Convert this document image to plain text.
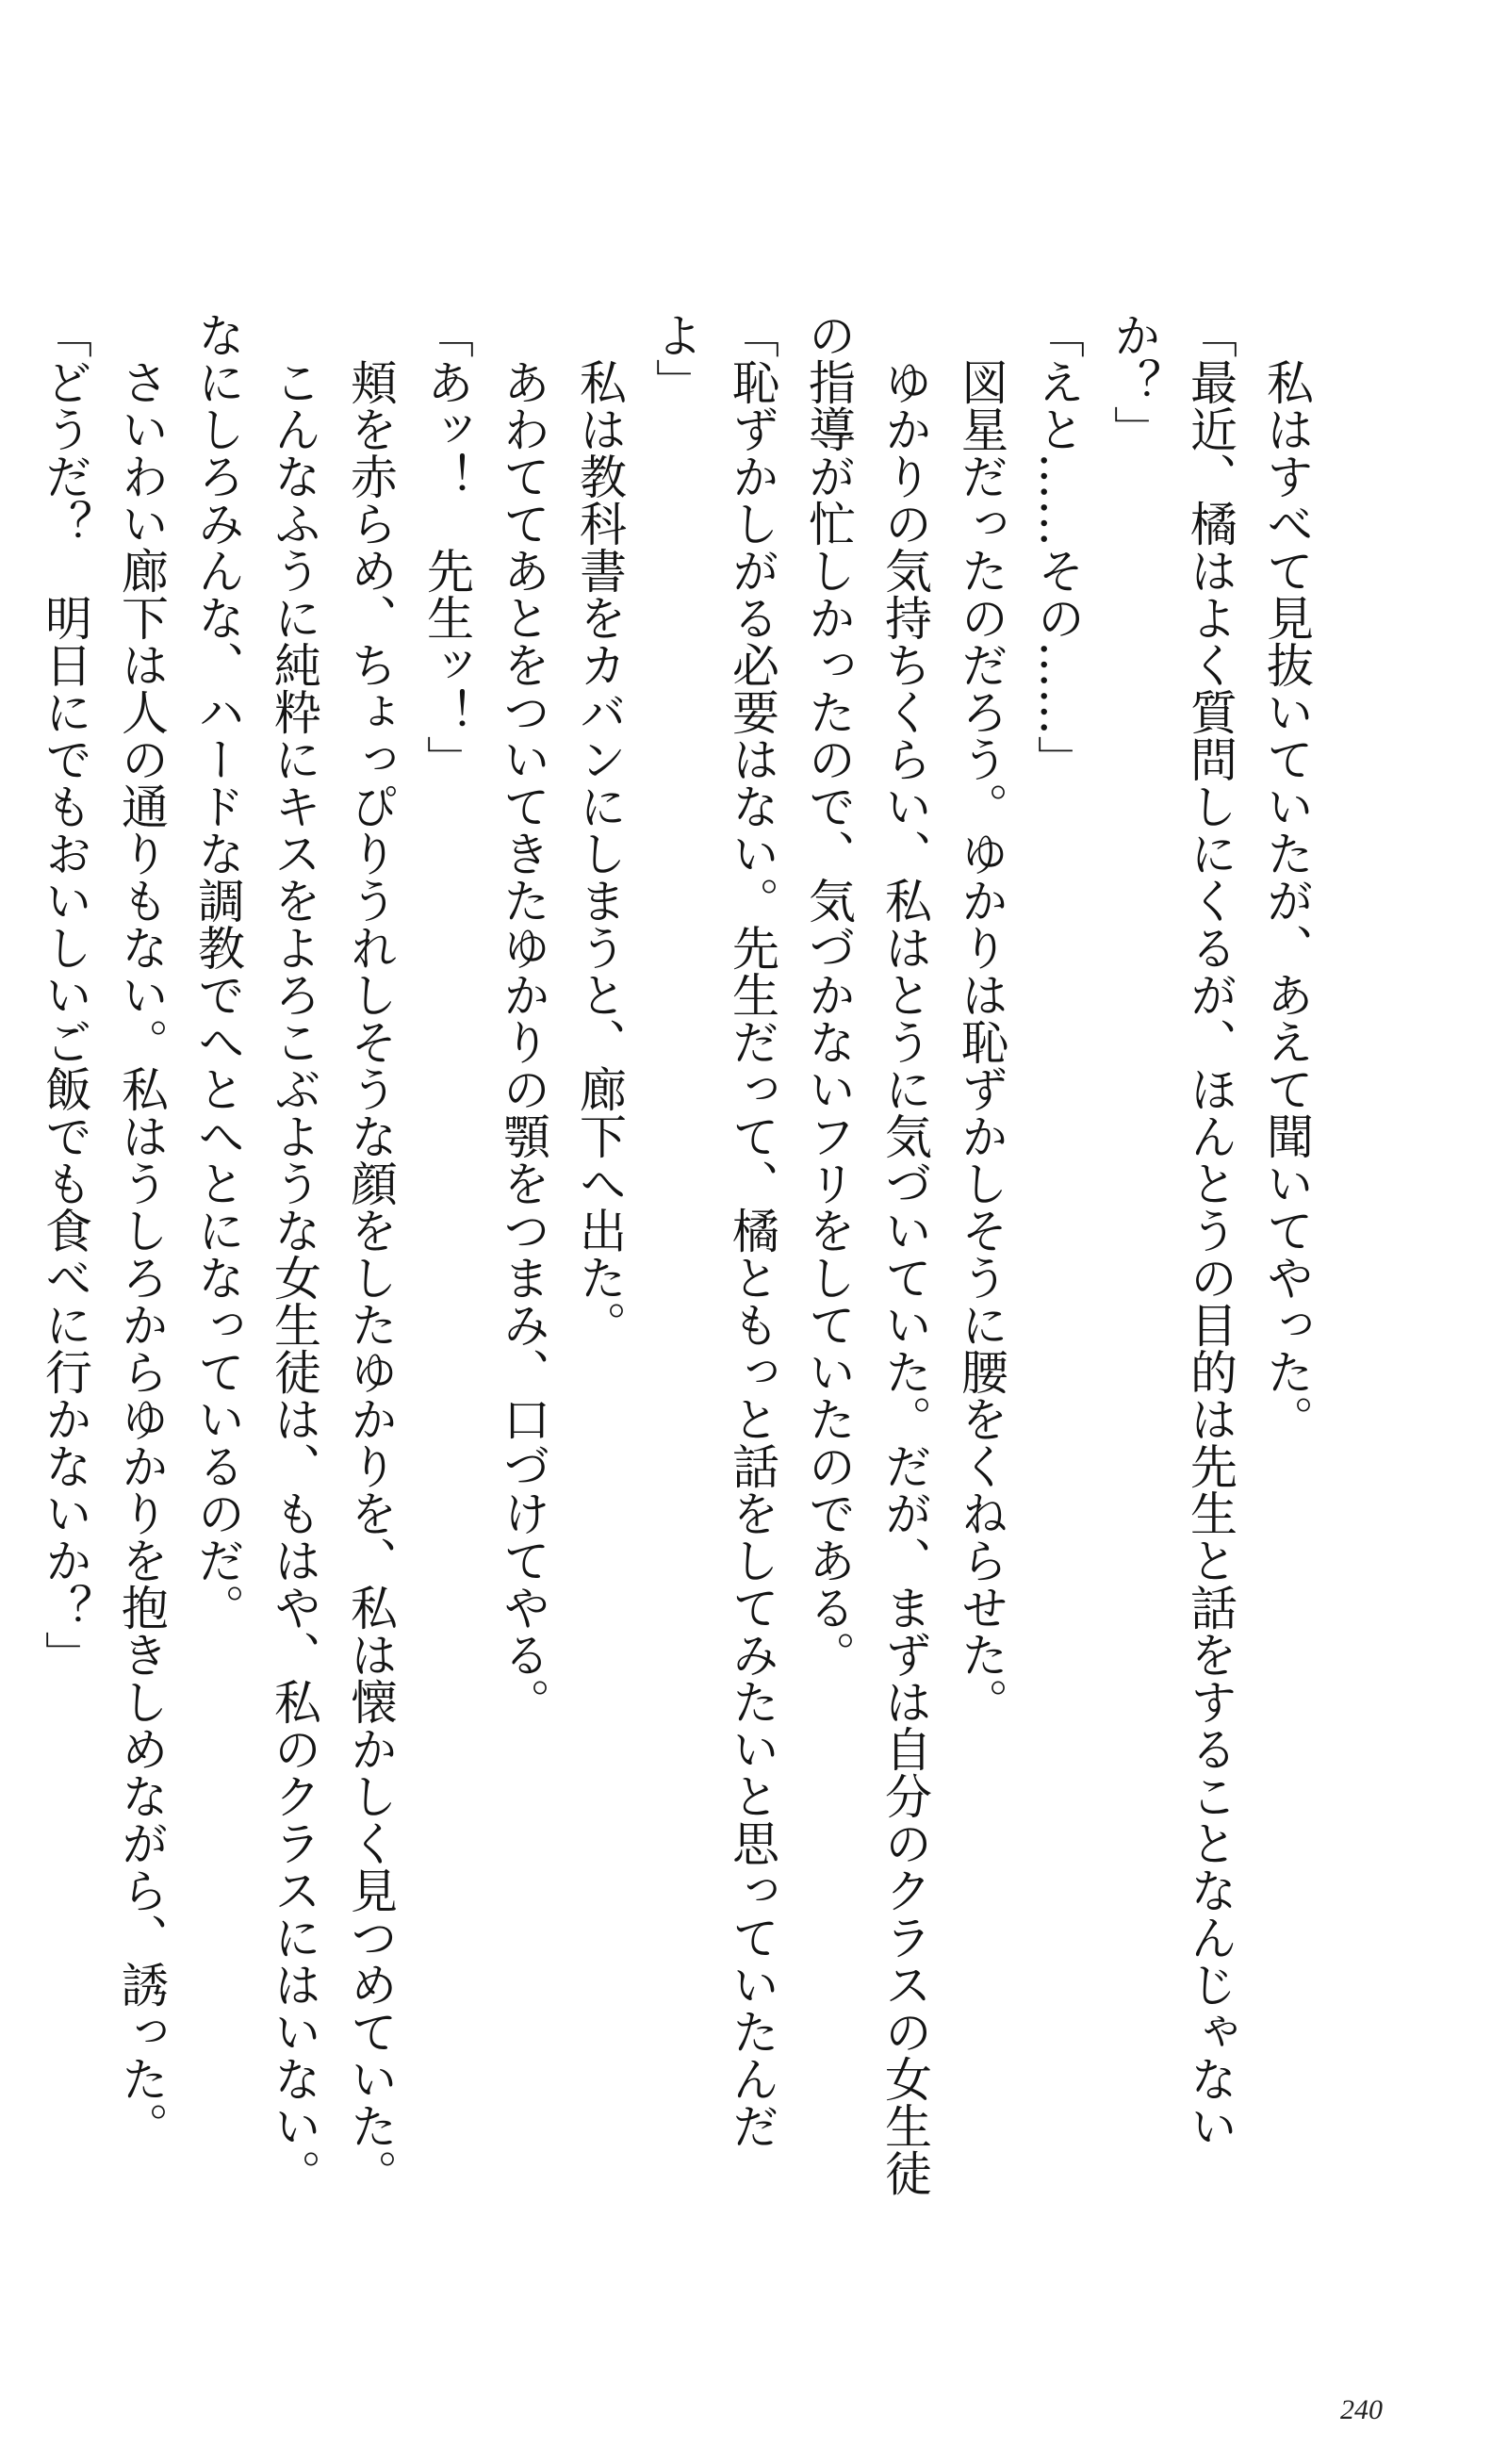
私はすべて見抜いていたが、あえて聞いてやった。

「最近、橘はよく質問しにくるが、ほんとうの目的は先生と話をすることなんじゃないか？」

「えと……その……」

図星だったのだろう。ゆかりは恥ずかしそうに腰をくねらせた。

ゆかりの気持ちくらい、私はとうに気づいていた。だが、まずは自分のクラスの女生徒の指導が忙しかったので、気づかないフリをしていたのである。

「恥ずかしがる必要はない。先生だって、橘ともっと話をしてみたいと思っていたんだよ」

私は教科書をカバンにしまうと、廊下へ出た。

あわててあとをついてきたゆかりの顎をつまみ、口づけてやる。

「あッ！　先生ッ！」

頬を赤らめ、ちょっぴりうれしそうな顔をしたゆかりを、私は懐かしく見つめていた。

こんなふうに純粋にキスをよろこぶような女生徒は、もはや、私のクラスにはいない。なにしろみんな、ハードな調教でへとへとになっているのだ。

さいわい廊下は人の通りもない。私はうしろからゆかりを抱きしめながら、誘った。

「どうだ？　明日にでもおいしいご飯でも食べに行かないか？」

240
